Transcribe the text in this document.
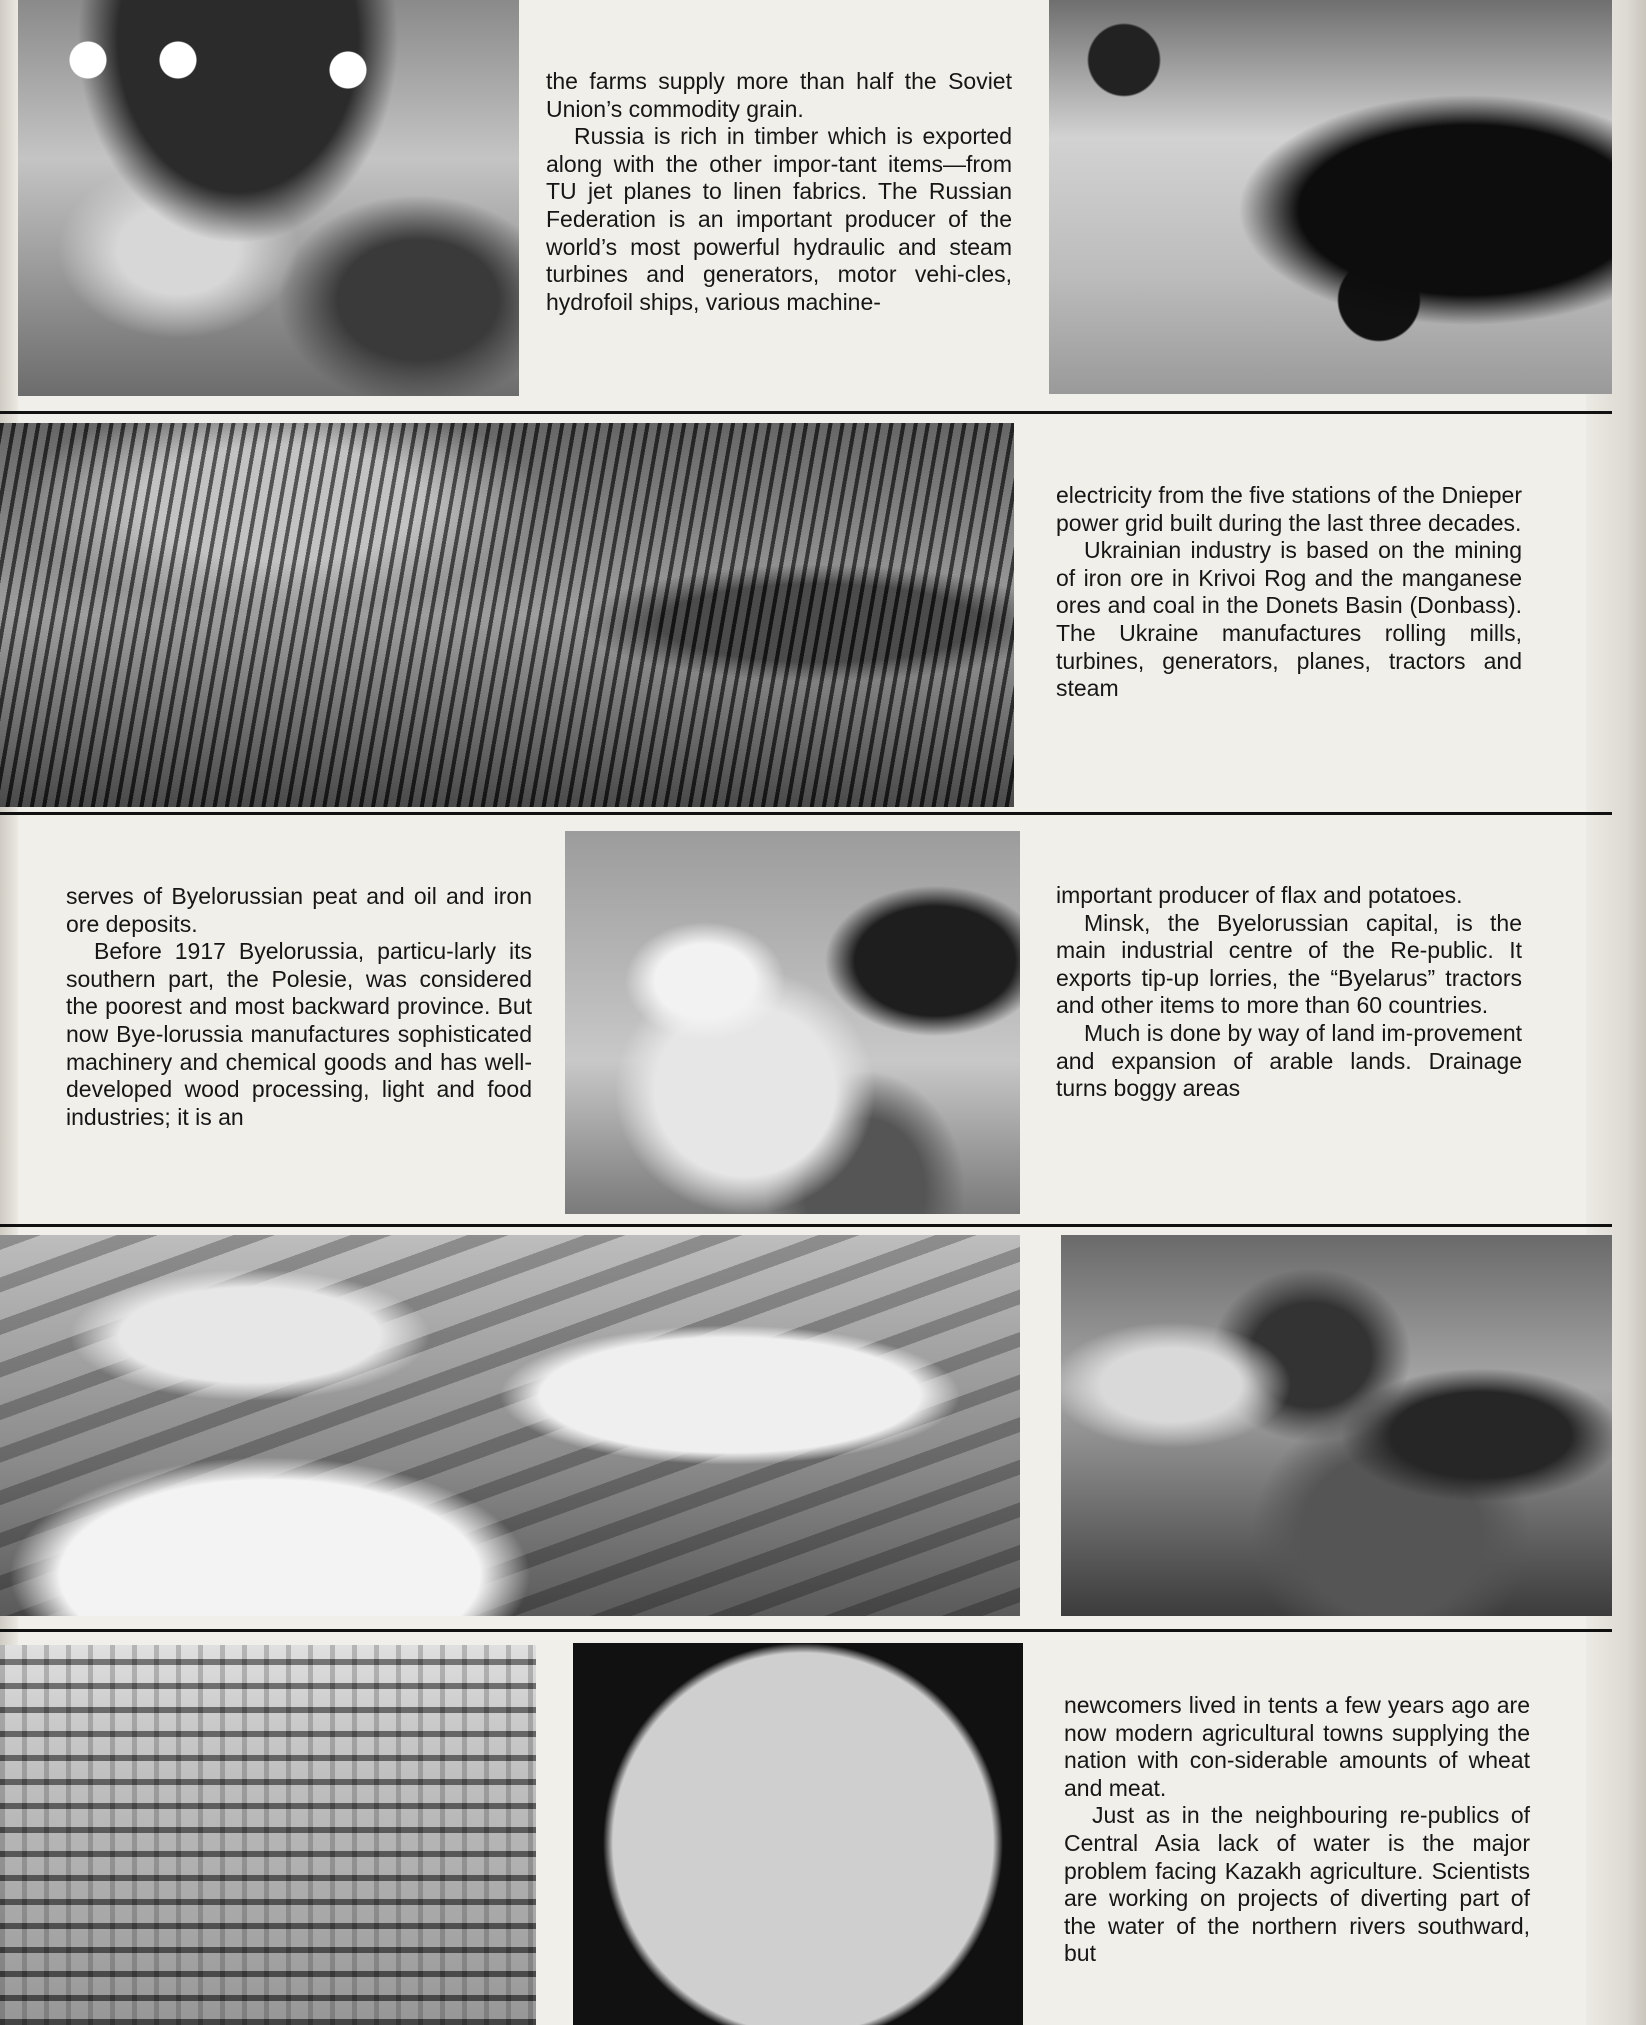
the farms supply more than half the Soviet Union’s commodity grain.

Russia is rich in timber which is exported along with the other impor-tant items—from TU jet planes to linen fabrics. The Russian Federation is an important producer of the world’s most powerful hydraulic and steam turbines and generators, motor vehi-cles, hydrofoil ships, various machine-

electricity from the five stations of the Dnieper power grid built during the last three decades.

Ukrainian industry is based on the mining of iron ore in Krivoi Rog and the manganese ores and coal in the Donets Basin (Donbass). The Ukraine manufactures rolling mills, turbines, generators, planes, tractors and steam

serves of Byelorussian peat and oil and iron ore deposits.

Before 1917 Byelorussia, particu-larly its southern part, the Polesie, was considered the poorest and most backward province. But now Bye-lorussia manufactures sophisticated machinery and chemical goods and has well-developed wood processing, light and food industries; it is an

important producer of flax and potatoes.

Minsk, the Byelorussian capital, is the main industrial centre of the Re-public. It exports tip-up lorries, the “Byelarus” tractors and other items to more than 60 countries.

Much is done by way of land im-provement and expansion of arable lands. Drainage turns boggy areas

newcomers lived in tents a few years ago are now modern agricultural towns supplying the nation with con-siderable amounts of wheat and meat.

Just as in the neighbouring re-publics of Central Asia lack of water is the major problem facing Kazakh agriculture. Scientists are working on projects of diverting part of the water of the northern rivers southward, but
